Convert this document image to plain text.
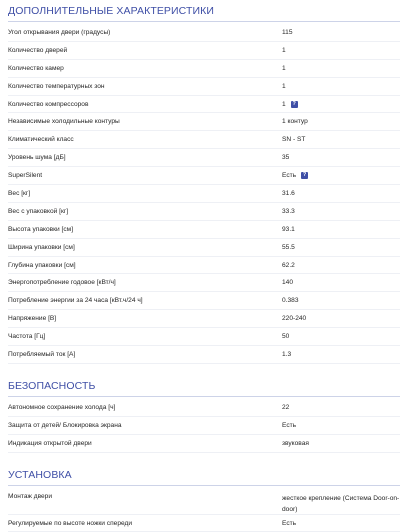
ДОПОЛНИТЕЛЬНЫЕ ХАРАКТЕРИСТИКИ
Угол открывания двери (градусы)	115
Количество дверей	1
Количество камер	1
Количество температурных зон	1
Количество компрессоров	1	?
Независимые холодильные контуры	1 контур
Климатический класс	SN - ST
Уровень шума [дБ]	35
SuperSilent	Есть	?
Вес [кг]	31.6
Вес с упаковкой [кг]	33.3
Высота упаковки [см]	93.1
Ширина упаковки [см]	55.5
Глубина упаковки [см]	62.2
Энергопотребление годовое [кВт/ч]	140
Потребление энергии за 24 часа [кВт.ч/24 ч]	0.383
Напряжение [В]	220-240
Частота [Гц]	50
Потребляемый ток [А]	1.3
БЕЗОПАСНОСТЬ
Автономное сохранение холода [ч]	22
Защита от детей/ Блокировка экрана	Есть
Индикация открытой двери	звуковая
УСТАНОВКА
Монтаж двери	жесткое крепление (Система Door-on-door)
Регулируемые по высоте ножки спереди	Есть
